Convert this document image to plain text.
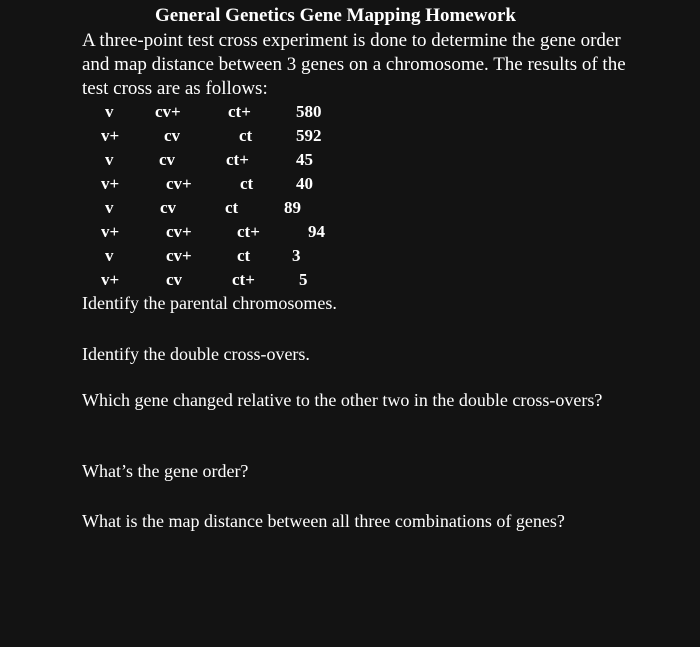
General Genetics Gene Mapping Homework
A three-point test cross experiment is done to determine the gene order and map distance between 3 genes on a chromosome. The results of the test cross are as follows:
v cv+	ct+	580
v+	cv	ct	592
v	cv	ct+	45
v+	cv+	ct	40
v	cv	ct	89
v+	cv+	ct+	94
v	cv+	ct 3
v+	cv	ct+	5
Identify the parental chromosomes.
Identify the double cross-overs.
Which gene changed relative to the other two in the double cross-overs?
What’s the gene order?
What is the map distance between all three combinations of genes?
